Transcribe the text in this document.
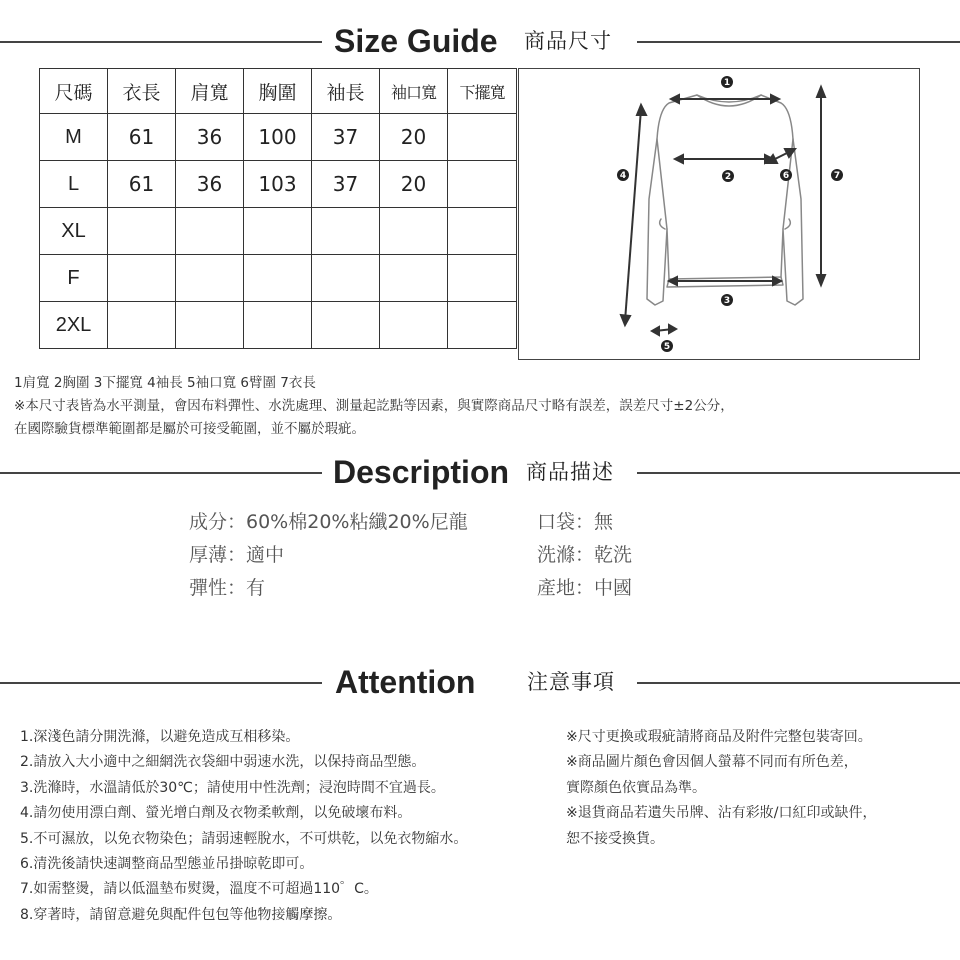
Size Guide 商品尺寸
尺碼	衣長	肩寬	胸圍	袖長	袖口寬	下擺寬
M	61	36	100	37	20	
L	61	36	103	37	20	
XL						
F						
2XL						
1
2
3
4
5
6	7
1肩寬 2胸圍 3下擺寬 4袖長 5袖口寬 6臂圍 7衣長
※本尺寸表皆為水平測量，會因布料彈性、水洗處理、測量起訖點等因素，與實際商品尺寸略有誤差，誤差尺寸±2公分，
在國際驗貨標準範圍都是屬於可接受範圍，並不屬於瑕疵。
Description 商品描述
成分：60%棉20%粘纖20%尼龍
厚薄：適中
彈性：有
口袋：無
洗滌：乾洗
產地：中國
Attention 注意事項
1.深淺色請分開洗滌，以避免造成互相移染。
2.請放入大小適中之細網洗衣袋細中弱速水洗，以保持商品型態。
3.洗滌時，水溫請低於30℃；請使用中性洗劑；浸泡時間不宜過長。
4.請勿使用漂白劑、螢光增白劑及衣物柔軟劑，以免破壞布料。
5.不可濕放，以免衣物染色；請弱速輕脫水，不可烘乾，以免衣物縮水。
6.清洗後請快速調整商品型態並吊掛晾乾即可。
7.如需整燙，請以低溫墊布熨燙，溫度不可超過110゜C。
8.穿著時，請留意避免與配件包包等他物接觸摩擦。
※尺寸更換或瑕疵請將商品及附件完整包裝寄回。
※商品圖片顏色會因個人螢幕不同而有所色差，
實際顏色依實品為準。
※退貨商品若遺失吊牌、沾有彩妝/口紅印或缺件，
恕不接受換貨。
